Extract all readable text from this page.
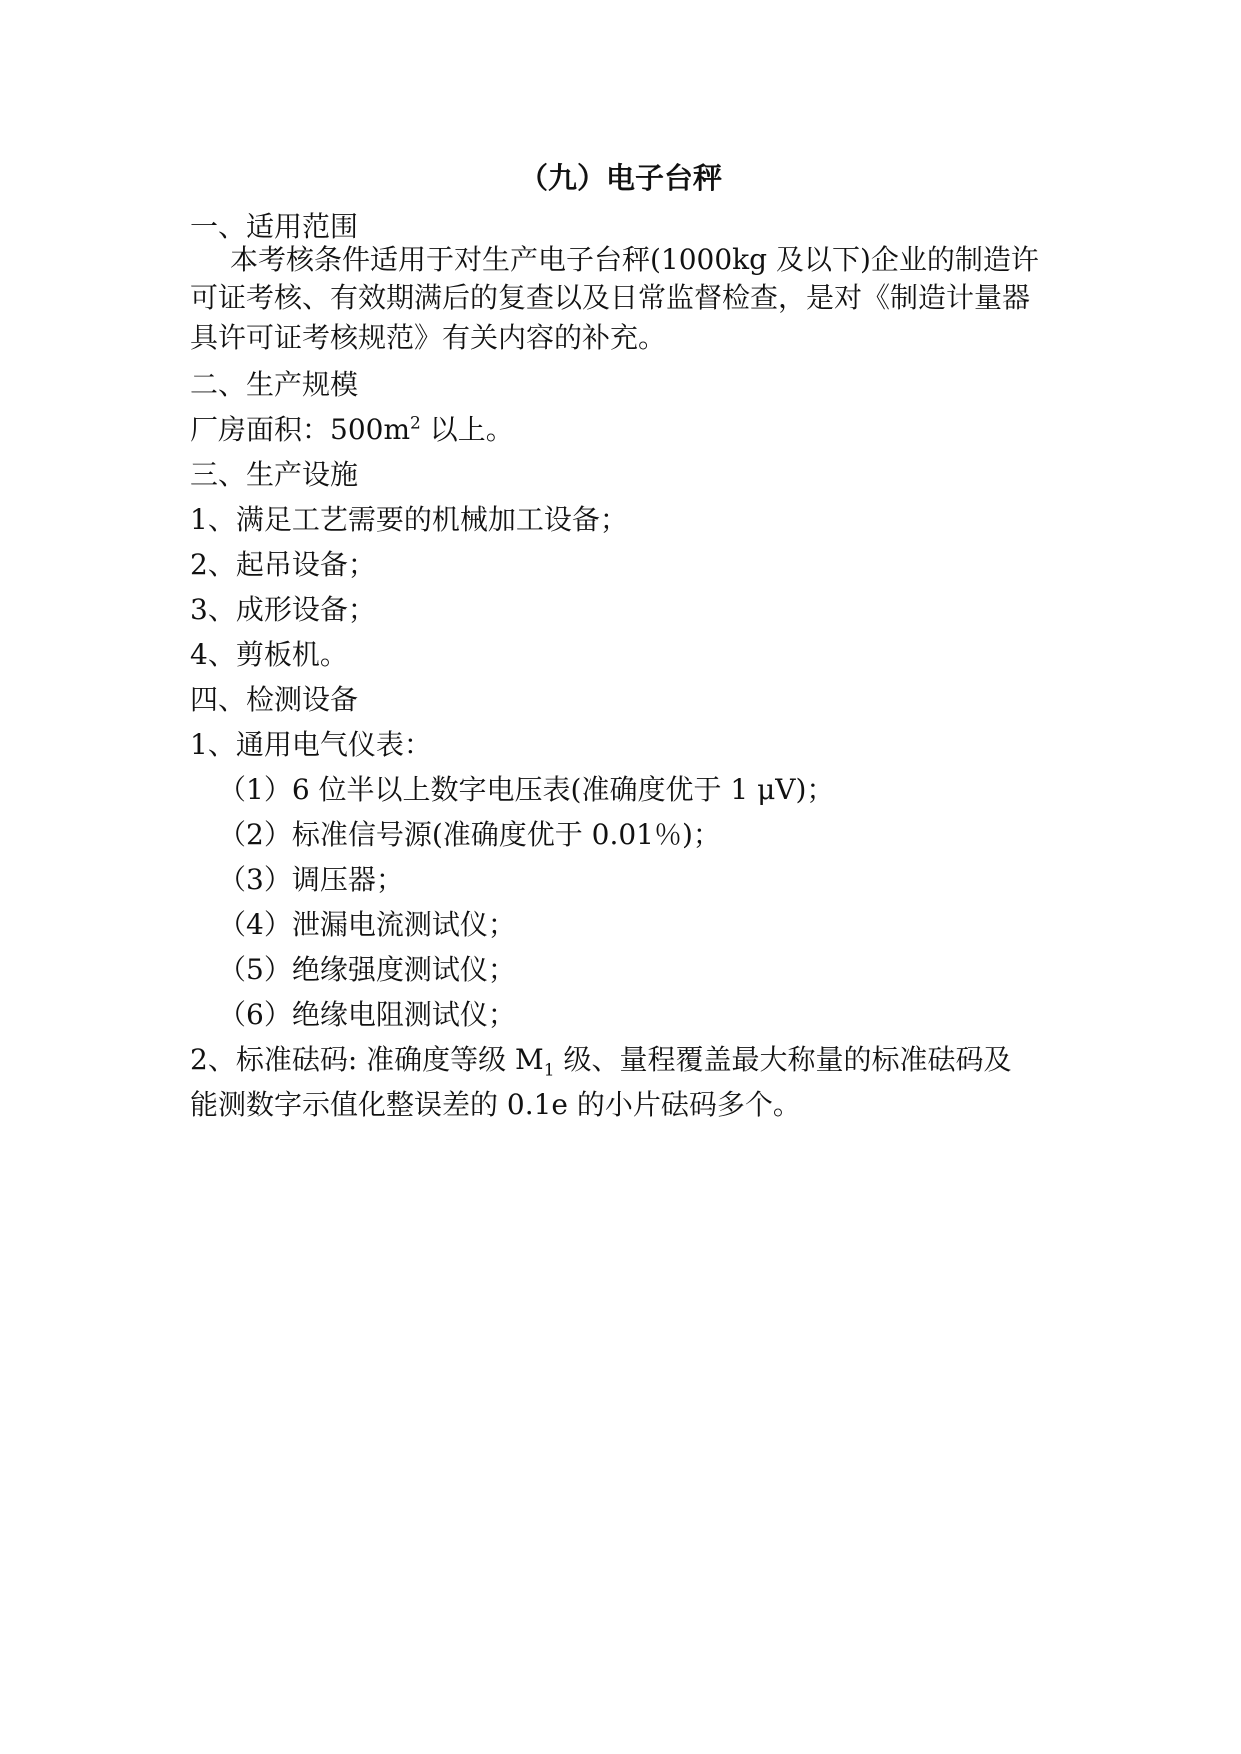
（九）电子台秤
一、适用范围
本考核条件适用于对生产电子台秤(1000kg 及以下)企业的制造许
可证考核、有效期满后的复查以及日常监督检查，是对《制造计量器
具许可证考核规范》有关内容的补充。
二、生产规模
厂房面积：$500m^2$ 以上。
三、生产设施
1、满足工艺需要的机械加工设备；
2、起吊设备；
3、成形设备；
4、剪板机。
四、检测设备
1、通用电气仪表：
（1）6 位半以上数字电压表(准确度优于 1 μV)；
（2）标准信号源(准确度优于 0.01％)；
（3）调压器；
（4）泄漏电流测试仪；
（5）绝缘强度测试仪；
（6）绝缘电阻测试仪；
2、标准砝码: 准确度等级 $M_1$ 级、量程覆盖最大称量的标准砝码及
能测数字示值化整误差的 0.1e 的小片砝码多个。
